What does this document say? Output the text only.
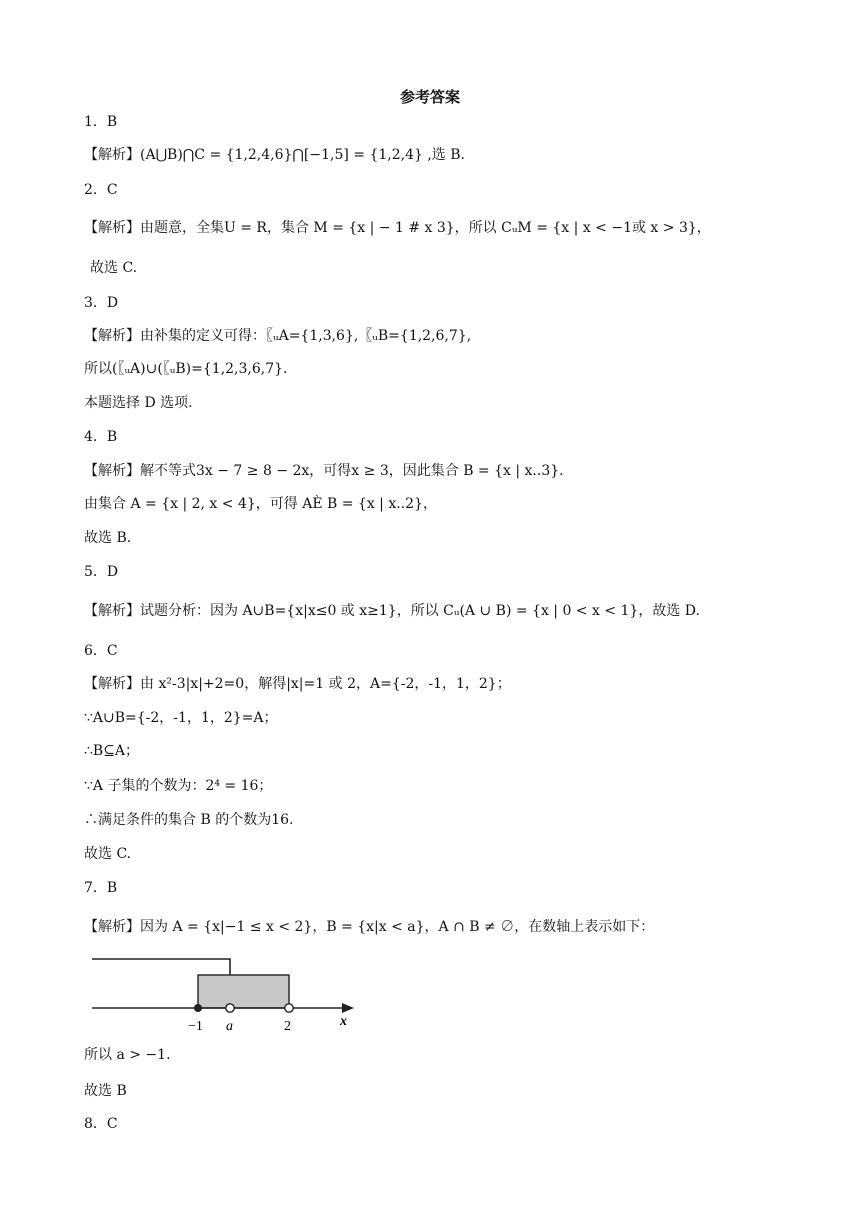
参考答案
1．B
【解析】(A⋃B)⋂C = {1,2,4,6}⋂[−1,5] = {1,2,4} ,选 B.
2．C
【解析】由题意，全集U = R，集合 M = {x | − 1 # x 3}，所以 CᵤM = {x | x < −1或 x > 3}，
故选 C.
3．D
【解析】由补集的定义可得：〖ᵤA={1,3,6},〖ᵤB={1,2,6,7},
所以(〖ᵤA)∪(〖ᵤB)={1,2,3,6,7}.
本题选择 D 选项.
4．B
【解析】解不等式3x − 7 ≥ 8 − 2x，可得x ≥ 3，因此集合 B = {x | x..3}.
由集合 A = {x | 2, x < 4}，可得 AÈ B = {x | x..2}，
故选 B.
5．D
【解析】试题分析：因为 A∪B={x|x≤0 或 x≥1}，所以 Cᵤ(A ∪ B) = {x | 0 < x < 1}，故选 D.
6．C
【解析】由 x²-3|x|+2=0，解得|x|=1 或 2，A={-2，-1，1，2}；
∵A∪B={-2，-1，1，2}=A；
∴B⊆A；
∵A 子集的个数为：2⁴ = 16；
∴满足条件的集合 B 的个数为16.
故选 C.
7．B
【解析】因为 A = {x|−1 ≤ x < 2}，B = {x|x < a}，A ∩ B ≠ ∅，在数轴上表示如下：
−1 a	2	x
所以 a > −1.
故选 B
8．C
